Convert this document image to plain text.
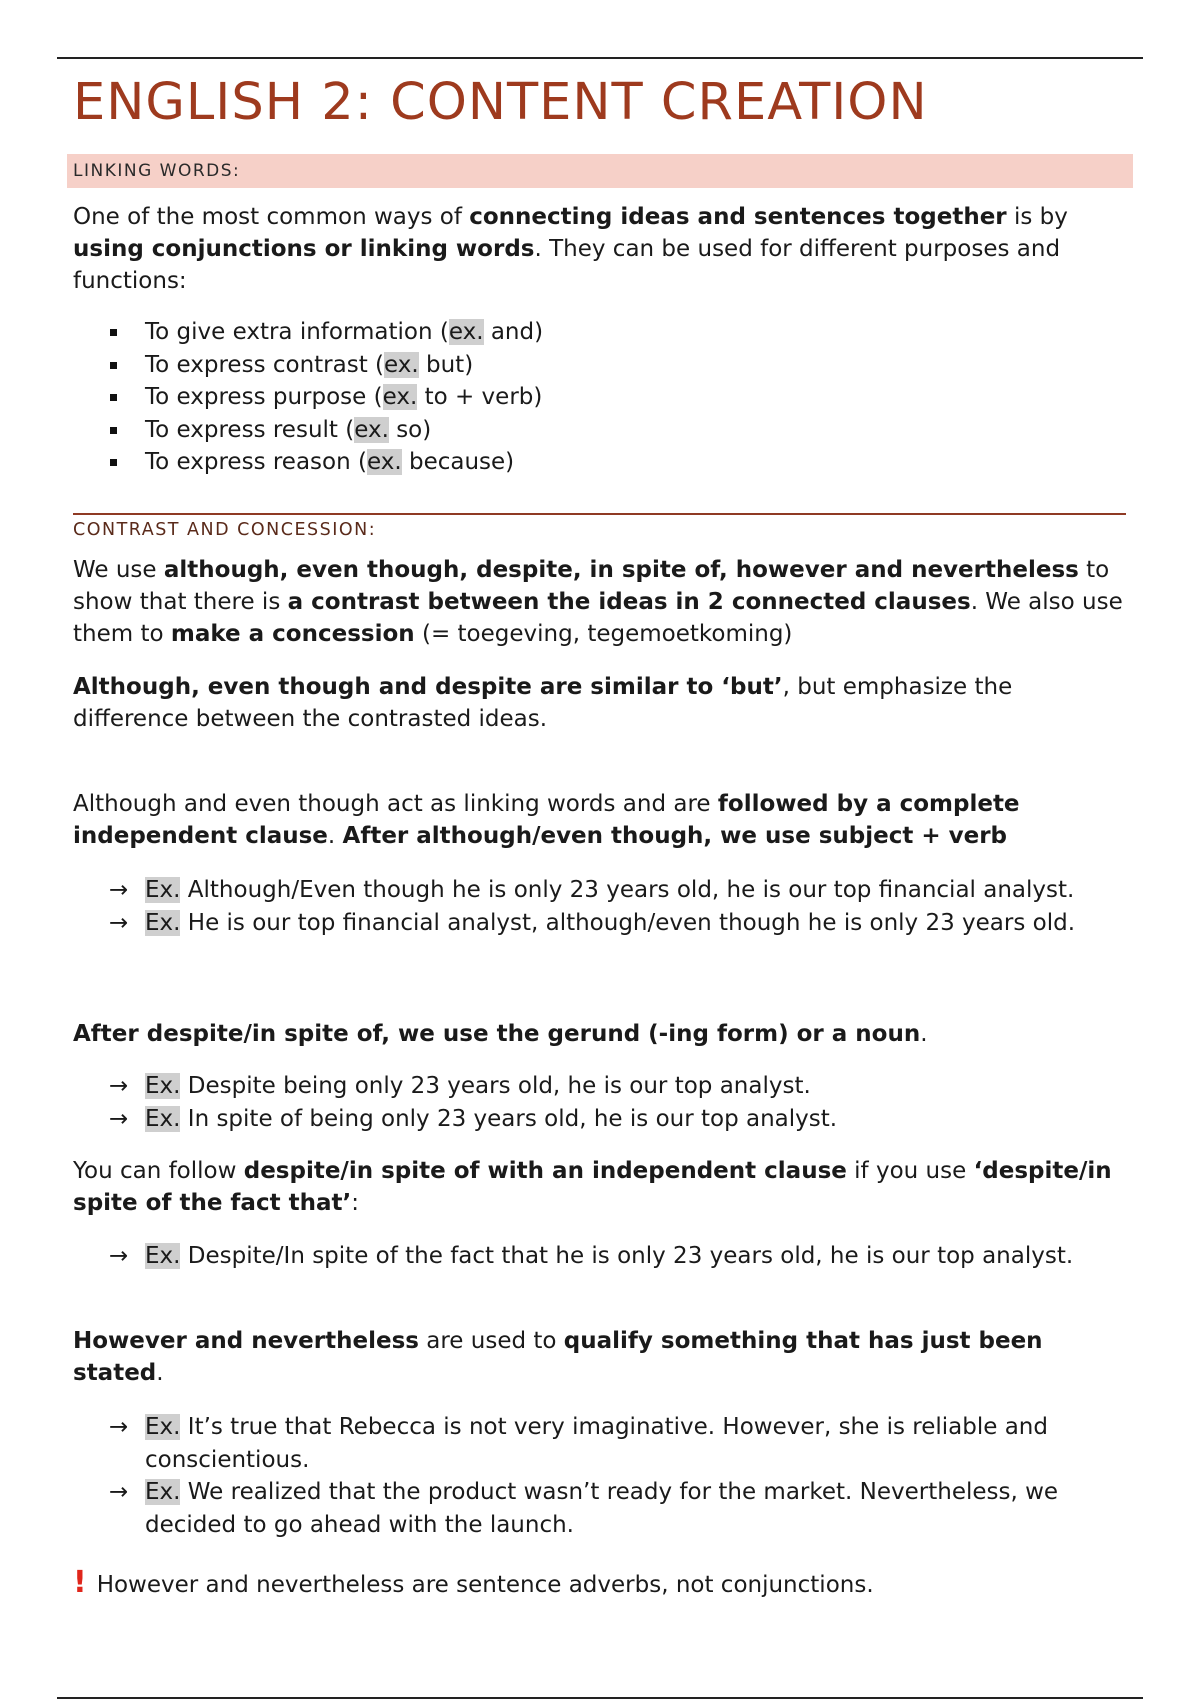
ENGLISH 2: CONTENT CREATION
LINKING WORDS:
One of the most common ways of connecting ideas and sentences together is by using conjunctions or linking words. They can be used for different purposes and functions:
To give extra information (ex. and)
To express contrast (ex. but)
To express purpose (ex. to + verb)
To express result (ex. so)
To express reason (ex. because)
CONTRAST AND CONCESSION:
We use although, even though, despite, in spite of, however and nevertheless to show that there is a contrast between the ideas in 2 connected clauses. We also use them to make a concession (= toegeving, tegemoetkoming)
Although, even though and despite are similar to ‘but’, but emphasize the difference between the contrasted ideas.
Although and even though act as linking words and are followed by a complete independent clause. After although/even though, we use subject + verb
→ Ex. Although/Even though he is only 23 years old, he is our top financial analyst.
→ Ex. He is our top financial analyst, although/even though he is only 23 years old.
After despite/in spite of, we use the gerund (-ing form) or a noun.
→ Ex. Despite being only 23 years old, he is our top analyst.
→ Ex. In spite of being only 23 years old, he is our top analyst.
You can follow despite/in spite of with an independent clause if you use ‘despite/in spite of the fact that’:
→ Ex. Despite/In spite of the fact that he is only 23 years old, he is our top analyst.
However and nevertheless are used to qualify something that has just been stated.
→ Ex. It’s true that Rebecca is not very imaginative. However, she is reliable and conscientious.
→ Ex. We realized that the product wasn’t ready for the market. Nevertheless, we decided to go ahead with the launch.
! However and nevertheless are sentence adverbs, not conjunctions.
